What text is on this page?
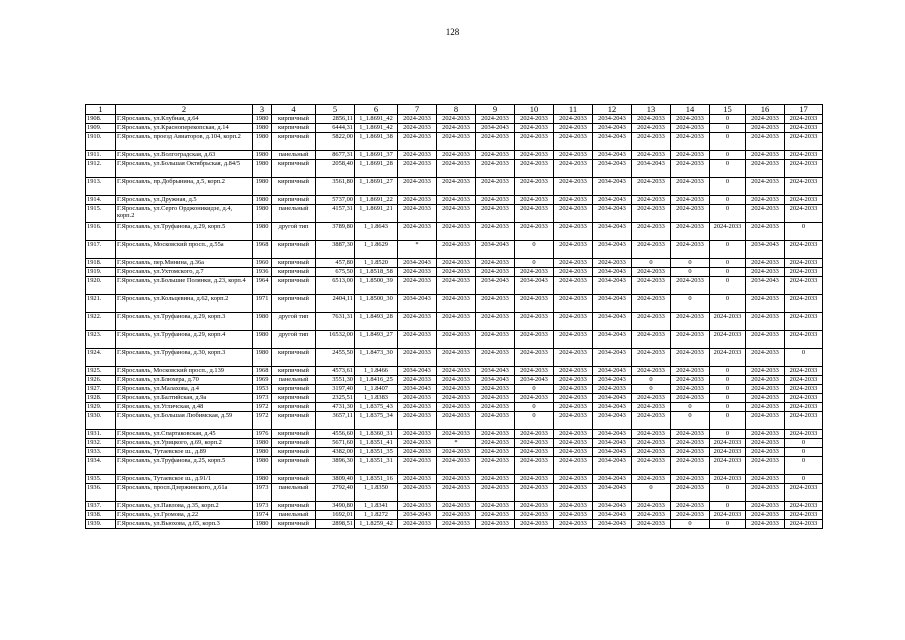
128
1	2	3	4	5	6	7	8	9	10	11	12	13	14	15	16	17
1908.	Г.Ярославль, ул.Клубная, д.64	1980	кирпичный	2856,11	1_1.8691_42	2024-2033	2024-2033	2024-2033	2024-2033	2024-2033	2034-2043	2024-2033	2024-2033	0	2024-2033	2024-2033
1909.	Г.Ярославль, ул.Красноперекопская, д.14	1980	кирпичный	6444,31	1_1.8691_42	2024-2033	2024-2033	2034-2043	2024-2033	2024-2033	2034-2043	2024-2033	2024-2033	0	2024-2033	2024-2033
1910.	Г.Ярославль, проезд Авиаторов, д.104, корп.2	1980	кирпичный	5822,00	1_1.8691_38	2024-2033	2024-2033	2024-2033	2024-2033	2024-2033	2034-2043	2024-2033	2024-2033	0	2024-2033	2024-2033
1911.	Г.Ярославль, ул.Волгоградская, д.63	1980	панельный	8677,31	1_1.8691_37	2024-2033	2024-2033	2024-2033	2024-2033	2024-2033	2034-2043	2024-2033	2024-2033	0	2024-2033	2024-2033
1912.	Г.Ярославль, ул.Большая Октябрьская, д.84/5	1980	кирпичный	2058,40	1_1.8691_28	2024-2033	2024-2033	2024-2033	2024-2033	2024-2033	2034-2043	2034-2043	2024-2033	0	2024-2033	2024-2033
1913.	Г.Ярославль, пр.Добрынина, д.5, корп.2	1980	кирпичный	3561,80	1_1.8691_27	2024-2033	2024-2033	2024-2033	2024-2033	2024-2033	2034-2043	2024-2033	2024-2033	0	2024-2033	2024-2033
1914.	Г.Ярославль, ул.Дружная, д.5	1980	кирпичный	5737,00	1_1.8691_22	2024-2033	2024-2033	2024-2033	2024-2033	2024-2033	2034-2043	2024-2033	2024-2033	0	2024-2033	2024-2033
1915.	Г.Ярославль, ул.Серго Орджоникидзе, д.4, корп.2	1980	панельный	4157,31	1_1.8691_21	2024-2033	2024-2033	2024-2033	2024-2033	2024-2033	2034-2043	2024-2033	2024-2033	0	2024-2033	2024-2033
1916.	Г.Ярославль, ул.Труфанова, д.29, корп.5	1980	другой тип	3789,80	1_1.8643	2024-2033	2024-2033	2024-2033	2024-2033	2024-2033	2034-2043	2024-2033	2024-2033	2024-2033	2024-2033	0
1917.	Г.Ярославль, Московский просп., д.55а	1968	кирпичный	3887,30	1_1.8629	*	2024-2033	2034-2043	0	2024-2033	2034-2043	2024-2033	2024-2033	0	2034-2043	2024-2033
1918.	Г.Ярославль, пер.Минина, д.36а	1960	кирпичный	457,80	1_1.8520	2034-2043	2024-2033	2024-2033	0	2024-2033	2024-2033	0	0	0	2024-2033	2024-2033
1919.	Г.Ярославль, ул.Ухтомского, д.7	1936	кирпичный	675,50	1_1.8518_58	2024-2033	2024-2033	2024-2033	2024-2033	2024-2033	2034-2043	2024-2033	0	0	2024-2033	2024-2033
1920.	Г.Ярославль, ул.Большие Полянки, д.23, корп.4	1964	кирпичный	6513,00	1_1.8500_39	2024-2033	2024-2033	2034-2043	2034-2043	2024-2033	2034-2043	2024-2033	2024-2033	0	2034-2043	2024-2033
1921.	Г.Ярославль, ул.Кольцевина, д.62, корп.2	1971	кирпичный	2404,11	1_1.8500_30	2034-2043	2024-2033	2024-2033	2024-2033	2024-2033	2034-2043	2024-2033	0	0	2024-2033	2024-2033
1922.	Г.Ярославль, ул.Труфанова, д.29, корп.3	1980	другой тип	7631,31	1_1.8493_28	2024-2033	2024-2033	2024-2033	2024-2033	2024-2033	2034-2043	2024-2033	2024-2033	2024-2033	2024-2033	2024-2033
1923.	Г.Ярославль, ул.Труфанова, д.29, корп.4	1980	другой тип	16532,00	1_1.8493_27	2024-2033	2024-2033	2024-2033	2024-2033	2024-2033	2034-2043	2024-2033	2024-2033	2024-2033	2024-2033	2024-2033
1924.	Г.Ярославль, ул.Труфанова, д.30, корп.3	1980	кирпичный	2455,50	1_1.8473_30	2024-2033	2024-2033	2024-2033	2024-2033	2024-2033	2034-2043	2024-2033	2024-2033	2024-2033	2024-2033	0
1925.	Г.Ярославль, Московский просп., д.139	1968	кирпичный	4573,61	1_1.8466	2034-2043	2024-2033	2034-2043	2024-2033	2024-2033	2034-2043	2024-2033	2024-2033	0	2024-2033	2024-2033
1926.	Г.Ярославль, ул.Блюхера, д.70	1969	панельный	3551,30	1_1.8416_25	2024-2033	2024-2033	2034-2043	2034-2043	2024-2033	2034-2043	0	2024-2033	0	2024-2033	2024-2033
1927.	Г.Ярославль, ул.Малахова, д.4	1953	кирпичный	3197,40	1_1.8407	2034-2043	2024-2033	2024-2033	0	2024-2033	2024-2033	0	2024-2033	0	2024-2033	2024-2033
1928.	Г.Ярославль, ул.Балтийская, д.9а	1973	кирпичный	2325,51	1_1.8383	2024-2033	2024-2033	2024-2033	2024-2033	2024-2033	2034-2043	2024-2033	2024-2033	0	2024-2033	2024-2033
1929.	Г.Ярославль, ул.Угличская, д.48	1972	кирпичный	4731,30	1_1.8375_43	2024-2033	2024-2033	2024-2033	0	2024-2033	2034-2043	2024-2033	0	0	2024-2033	2024-2033
1930.	Г.Ярославль, ул.Большая Любимская, д.59	1972	кирпичный	3657,11	1_1.8375_34	2024-2033	2024-2033	2024-2033	0	2024-2033	2034-2043	2024-2033	0	0	2024-2033	2024-2033
1931.	Г.Ярославль, ул.Спартаковская, д.45	1976	кирпичный	4556,60	1_1.8360_31	2024-2033	2024-2033	2024-2033	2024-2033	2024-2033	2034-2043	2024-2033	2024-2033	0	2024-2033	2024-2033
1932.	Г.Ярославль, ул.Урицкого, д.69, корп.2	1980	кирпичный	5671,60	1_1.8351_41	2024-2033	*	2024-2033	2024-2033	2024-2033	2034-2043	2024-2033	2024-2033	2024-2033	2024-2033	0
1933.	Г.Ярославль, Тутаевское ш., д.89	1980	кирпичный	4382,00	1_1.8351_35	2024-2033	2024-2033	2024-2033	2024-2033	2024-2033	2034-2043	2024-2033	2024-2033	2024-2033	2024-2033	0
1934.	Г.Ярославль, ул.Труфанова, д.25, корп.5	1980	кирпичный	3896,30	1_1.8351_31	2024-2033	2024-2033	2024-2033	2024-2033	2024-2033	2034-2043	2024-2033	2024-2033	2024-2033	2024-2033	0
1935.	Г.Ярославль, Тутаевское ш., д.91/1	1980	кирпичный	3809,40	1_1.8351_16	2024-2033	2024-2033	2024-2033	2024-2033	2024-2033	2034-2043	2024-2033	2024-2033	2024-2033	2024-2033	0
1936.	Г.Ярославль, просп.Дзержинского, д.61а	1973	панельный	2792,40	1_1.8350	2024-2033	2024-2033	2024-2033	2024-2033	2024-2033	2034-2043	0	2024-2033	0	2024-2033	2024-2033
1937.	Г.Ярославль, ул.Павлова, д.35, корп.2	1973	кирпичный	3490,80	1_1.8341	2024-2033	2024-2033	2024-2033	2024-2033	2024-2033	2034-2043	2024-2033	2024-2033	0	2024-2033	2024-2033
1938.	Г.Ярославль, ул.Громова, д.22	1974	панельный	1692,01	1_1.8272	2034-2043	2024-2033	2024-2033	2024-2033	2024-2033	2034-2043	2024-2033	2024-2033	2024-2033	2024-2033	2024-2033
1939.	Г.Ярославль, ул.Вьюхова, д.65, корп.3	1980	кирпичный	2898,51	1_1.8259_42	2024-2033	2024-2033	2024-2033	2024-2033	2024-2033	2034-2043	2024-2033	0	0	2024-2033	2024-2033
